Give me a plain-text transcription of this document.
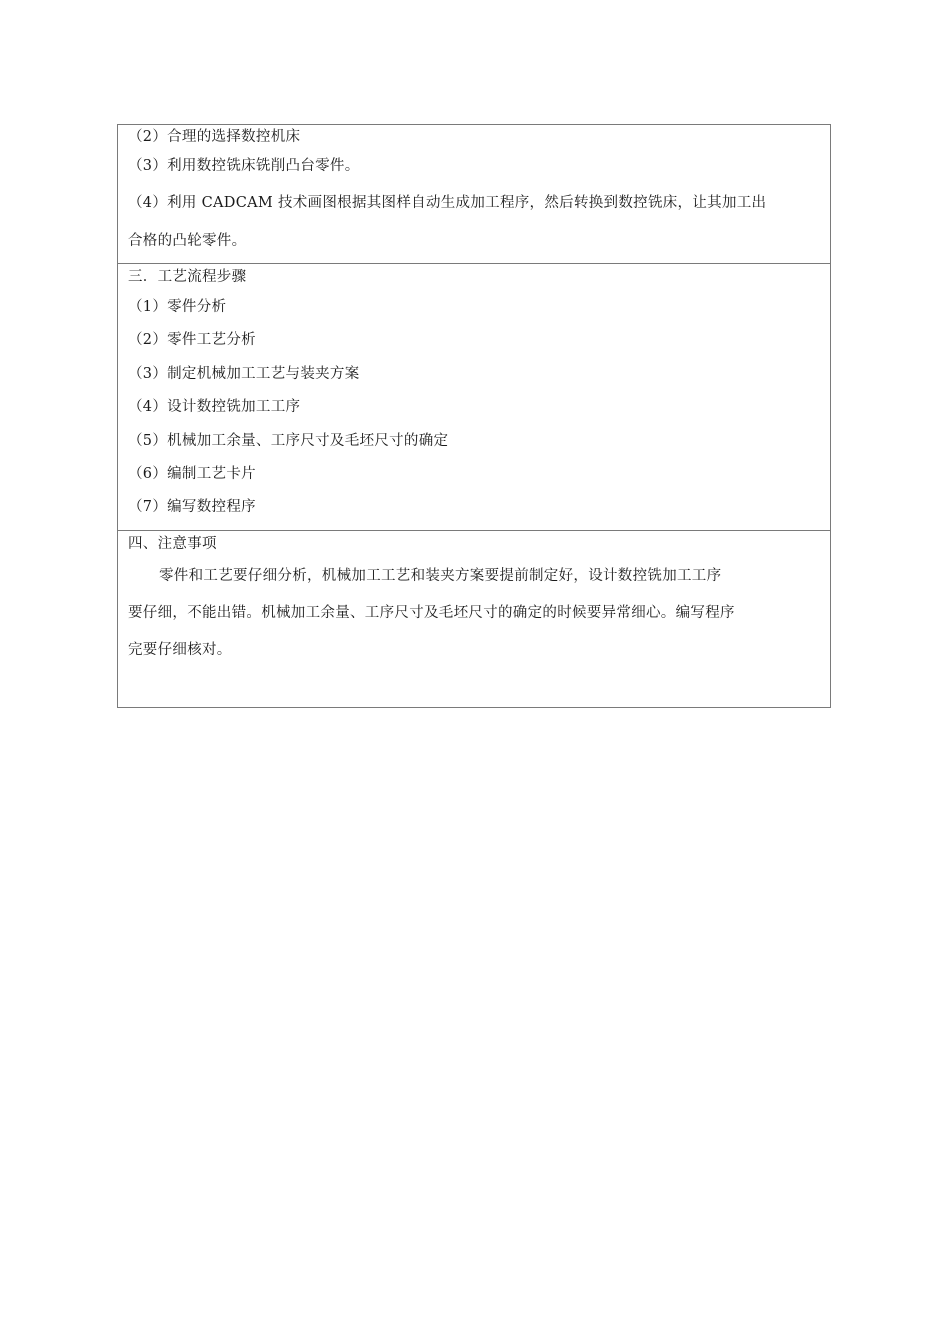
（2）合理的选择数控机床
（3）利用数控铣床铣削凸台零件。
（4）利用 CADCAM 技术画图根据其图样自动生成加工程序，然后转换到数控铣床，让其加工出
合格的凸轮零件。
三．工艺流程步骤
（1）零件分析
（2）零件工艺分析
（3）制定机械加工工艺与装夹方案
（4）设计数控铣加工工序
（5）机械加工余量、工序尺寸及毛坯尺寸的确定
（6）编制工艺卡片
（7）编写数控程序
四、注意事项
零件和工艺要仔细分析，机械加工工艺和装夹方案要提前制定好，设计数控铣加工工序
要仔细，不能出错。机械加工余量、工序尺寸及毛坯尺寸的确定的时候要异常细心。编写程序
完要仔细核对。
